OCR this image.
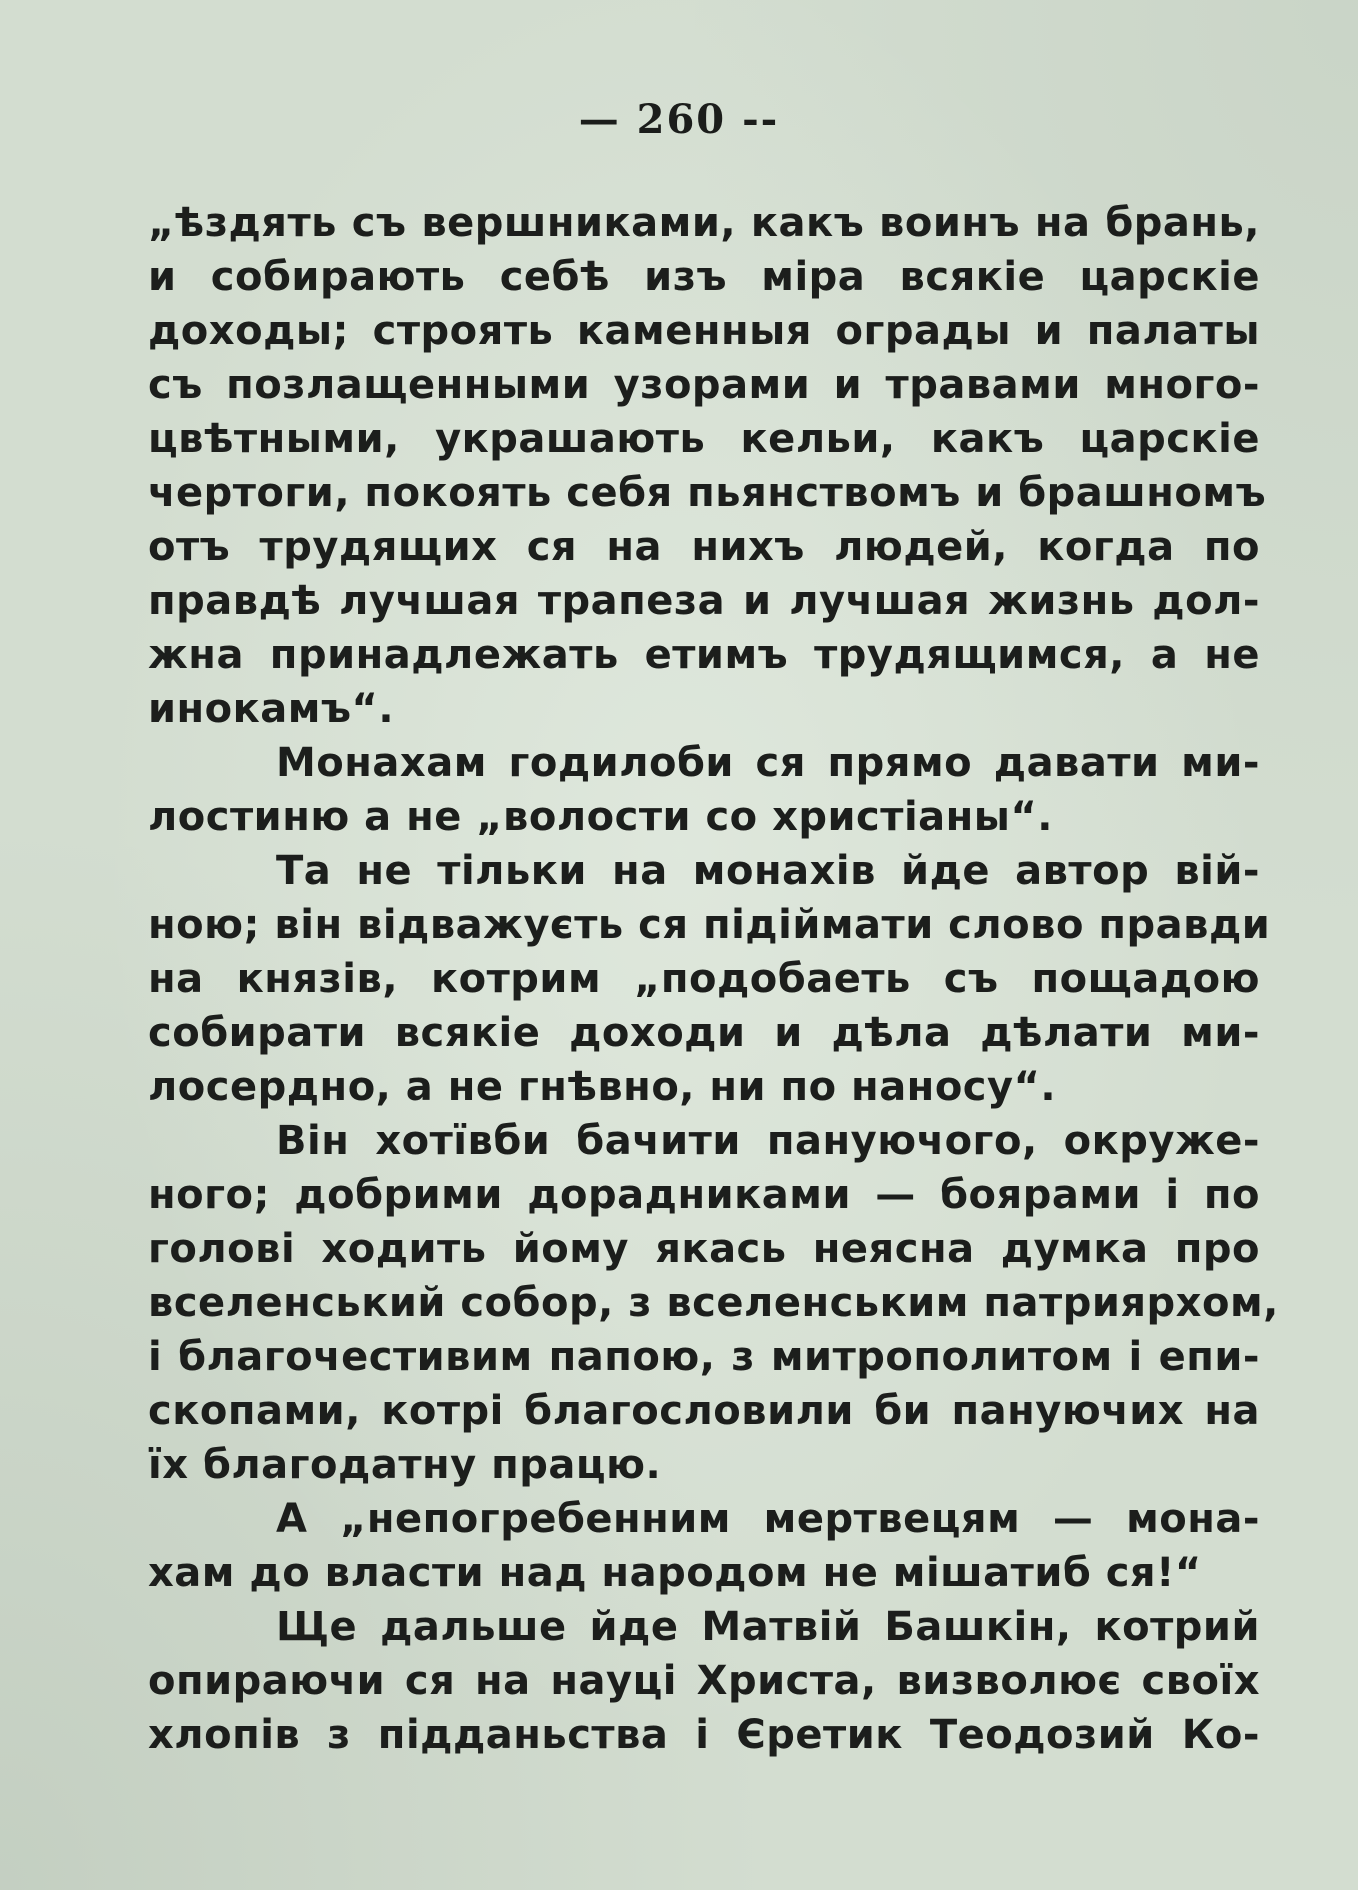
— 260 --
„ѣздять съ вершниками, какъ воинъ на брань,
и собирають себѣ изъ міра всякіе царскіе
доходы; строять каменныя ограды и палаты
съ позлащенными узорами и травами много-
цвѣтными, украшають кельи, какъ царскіе
чертоги, покоять себя пьянствомъ и брашномъ
отъ трудящих ся на нихъ людей, когда по
правдѣ лучшая трапеза и лучшая жизнь дол-
жна принадлежать етимъ трудящимся, а не
инокамъ“.
Монахам годилоби ся прямо давати ми-
лостиню а не „волости со христіаны“.
Та не тільки на монахів йде автор вій-
ною; він відважуєть ся підіймати слово правди
на князів, котрим „подобаеть съ пощадою
собирати всякіе доходи и дѣла дѣлати ми-
лосердно, а не гнѣвно, ни по наносу“.
Він хотївби бачити пануючого, окруже-
ного; добрими дорадниками — боярами і по
голові ходить йому якась неясна думка про
вселенський собор, з вселенським патриярхом,
і благочестивим папою, з митрополитом і епи-
скопами, котрі благословили би пануючих на
їх благодатну працю.
А „непогребенним мертвецям — мона-
хам до власти над народом не мішатиб ся!“
Ще дальше йде Матвій Башкін, котрий
опираючи ся на науці Христа, визволює своїх
хлопів з підданьства і Єретик Теодозий Ко-
